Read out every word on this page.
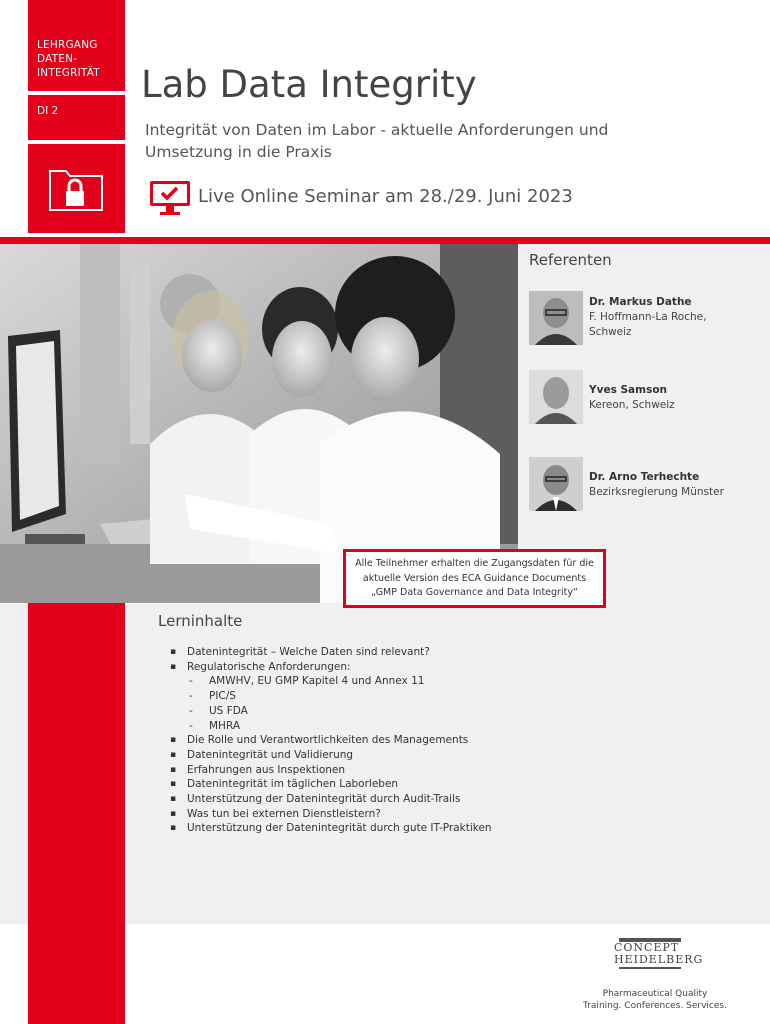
LEHRGANG
DATEN-
INTEGRITÄT
DI 2
Lab Data Integrity
Integrität von Daten im Labor - aktuelle Anforderungen und Umsetzung in die Praxis
Live Online Seminar am 28./29. Juni 2023
Referenten
Dr. Markus Dathe
F. Hoffmann-La Roche,
Schweiz
Yves Samson
Kereon, Schweiz
Dr. Arno Terhechte
Bezirksregierung Münster
Alle Teilnehmer erhalten die Zugangsdaten für die
aktuelle Version des ECA Guidance Documents
„GMP Data Governance and Data Integrity“
Lerninhalte
▪ Datenintegrität – Welche Daten sind relevant?
▪ Regulatorische Anforderungen:
- AMWHV, EU GMP Kapitel 4 und Annex 11
- PIC/S
- US FDA
- MHRA
▪ Die Rolle und Verantwortlichkeiten des Managements
▪ Datenintegrität und Validierung
▪ Erfahrungen aus Inspektionen
▪ Datenintegrität im täglichen Laborleben
▪ Unterstützung der Datenintegrität durch Audit-Trails
▪ Was tun bei externen Dienstleistern?
▪ Unterstützung der Datenintegrität durch gute IT-Praktiken
CONCEPT
HEIDELBERG
Pharmaceutical Quality
Training. Conferences. Services.
